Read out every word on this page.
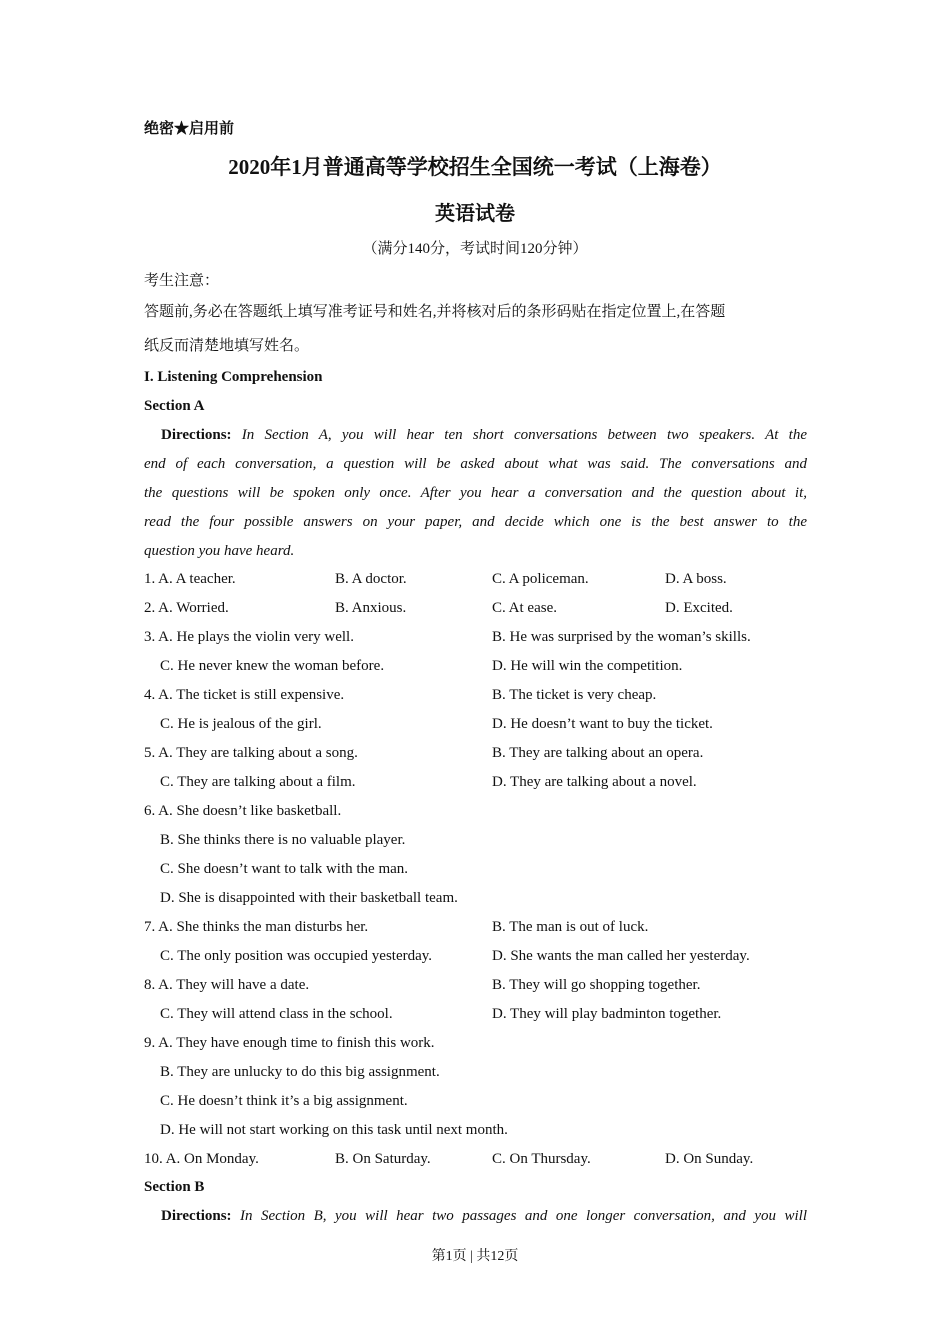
绝密★启用前
2020年1月普通高等学校招生全国统一考试（上海卷）
英语试卷
（满分140分，考试时间120分钟）
考生注意：
答题前,务必在答题纸上填写准考证号和姓名,并将核对后的条形码贴在指定位置上,在答题
纸反而清楚地填写姓名。
I. Listening Comprehension
Section A
Directions: In Section A, you will hear ten short conversations between two speakers. At the
end of each conversation, a question will be asked about what was said. The conversations and
the questions will be spoken only once. After you hear a conversation and the question about it,
read the four possible answers on your paper, and decide which one is the best answer to the
question you have heard.
1. A. A teacher.	B. A doctor.	C. A policeman.	D. A boss.
2. A. Worried.	B. Anxious.	C. At ease.	D. Excited.
3. A. He plays the violin very well.	B. He was surprised by the woman’s skills.
C. He never knew the woman before.	D. He will win the competition.
4. A. The ticket is still expensive.	B. The ticket is very cheap.
C. He is jealous of the girl.	D. He doesn’t want to buy the ticket.
5. A. They are talking about a song.	B. They are talking about an opera.
C. They are talking about a film.	D. They are talking about a novel.
6. A. She doesn’t like basketball.
B. She thinks there is no valuable player.
C. She doesn’t want to talk with the man.
D. She is disappointed with their basketball team.
7. A. She thinks the man disturbs her.	B. The man is out of luck.
C. The only position was occupied yesterday.	D. She wants the man called her yesterday.
8. A. They will have a date.	B. They will go shopping together.
C. They will attend class in the school.	D. They will play badminton together.
9. A. They have enough time to finish this work.
B. They are unlucky to do this big assignment.
C. He doesn’t think it’s a big assignment.
D. He will not start working on this task until next month.
10. A. On Monday.	B. On Saturday.	C. On Thursday.	D. On Sunday.
Section B
Directions: In Section B, you will hear two passages and one longer conversation, and you will
第1页 | 共12页
